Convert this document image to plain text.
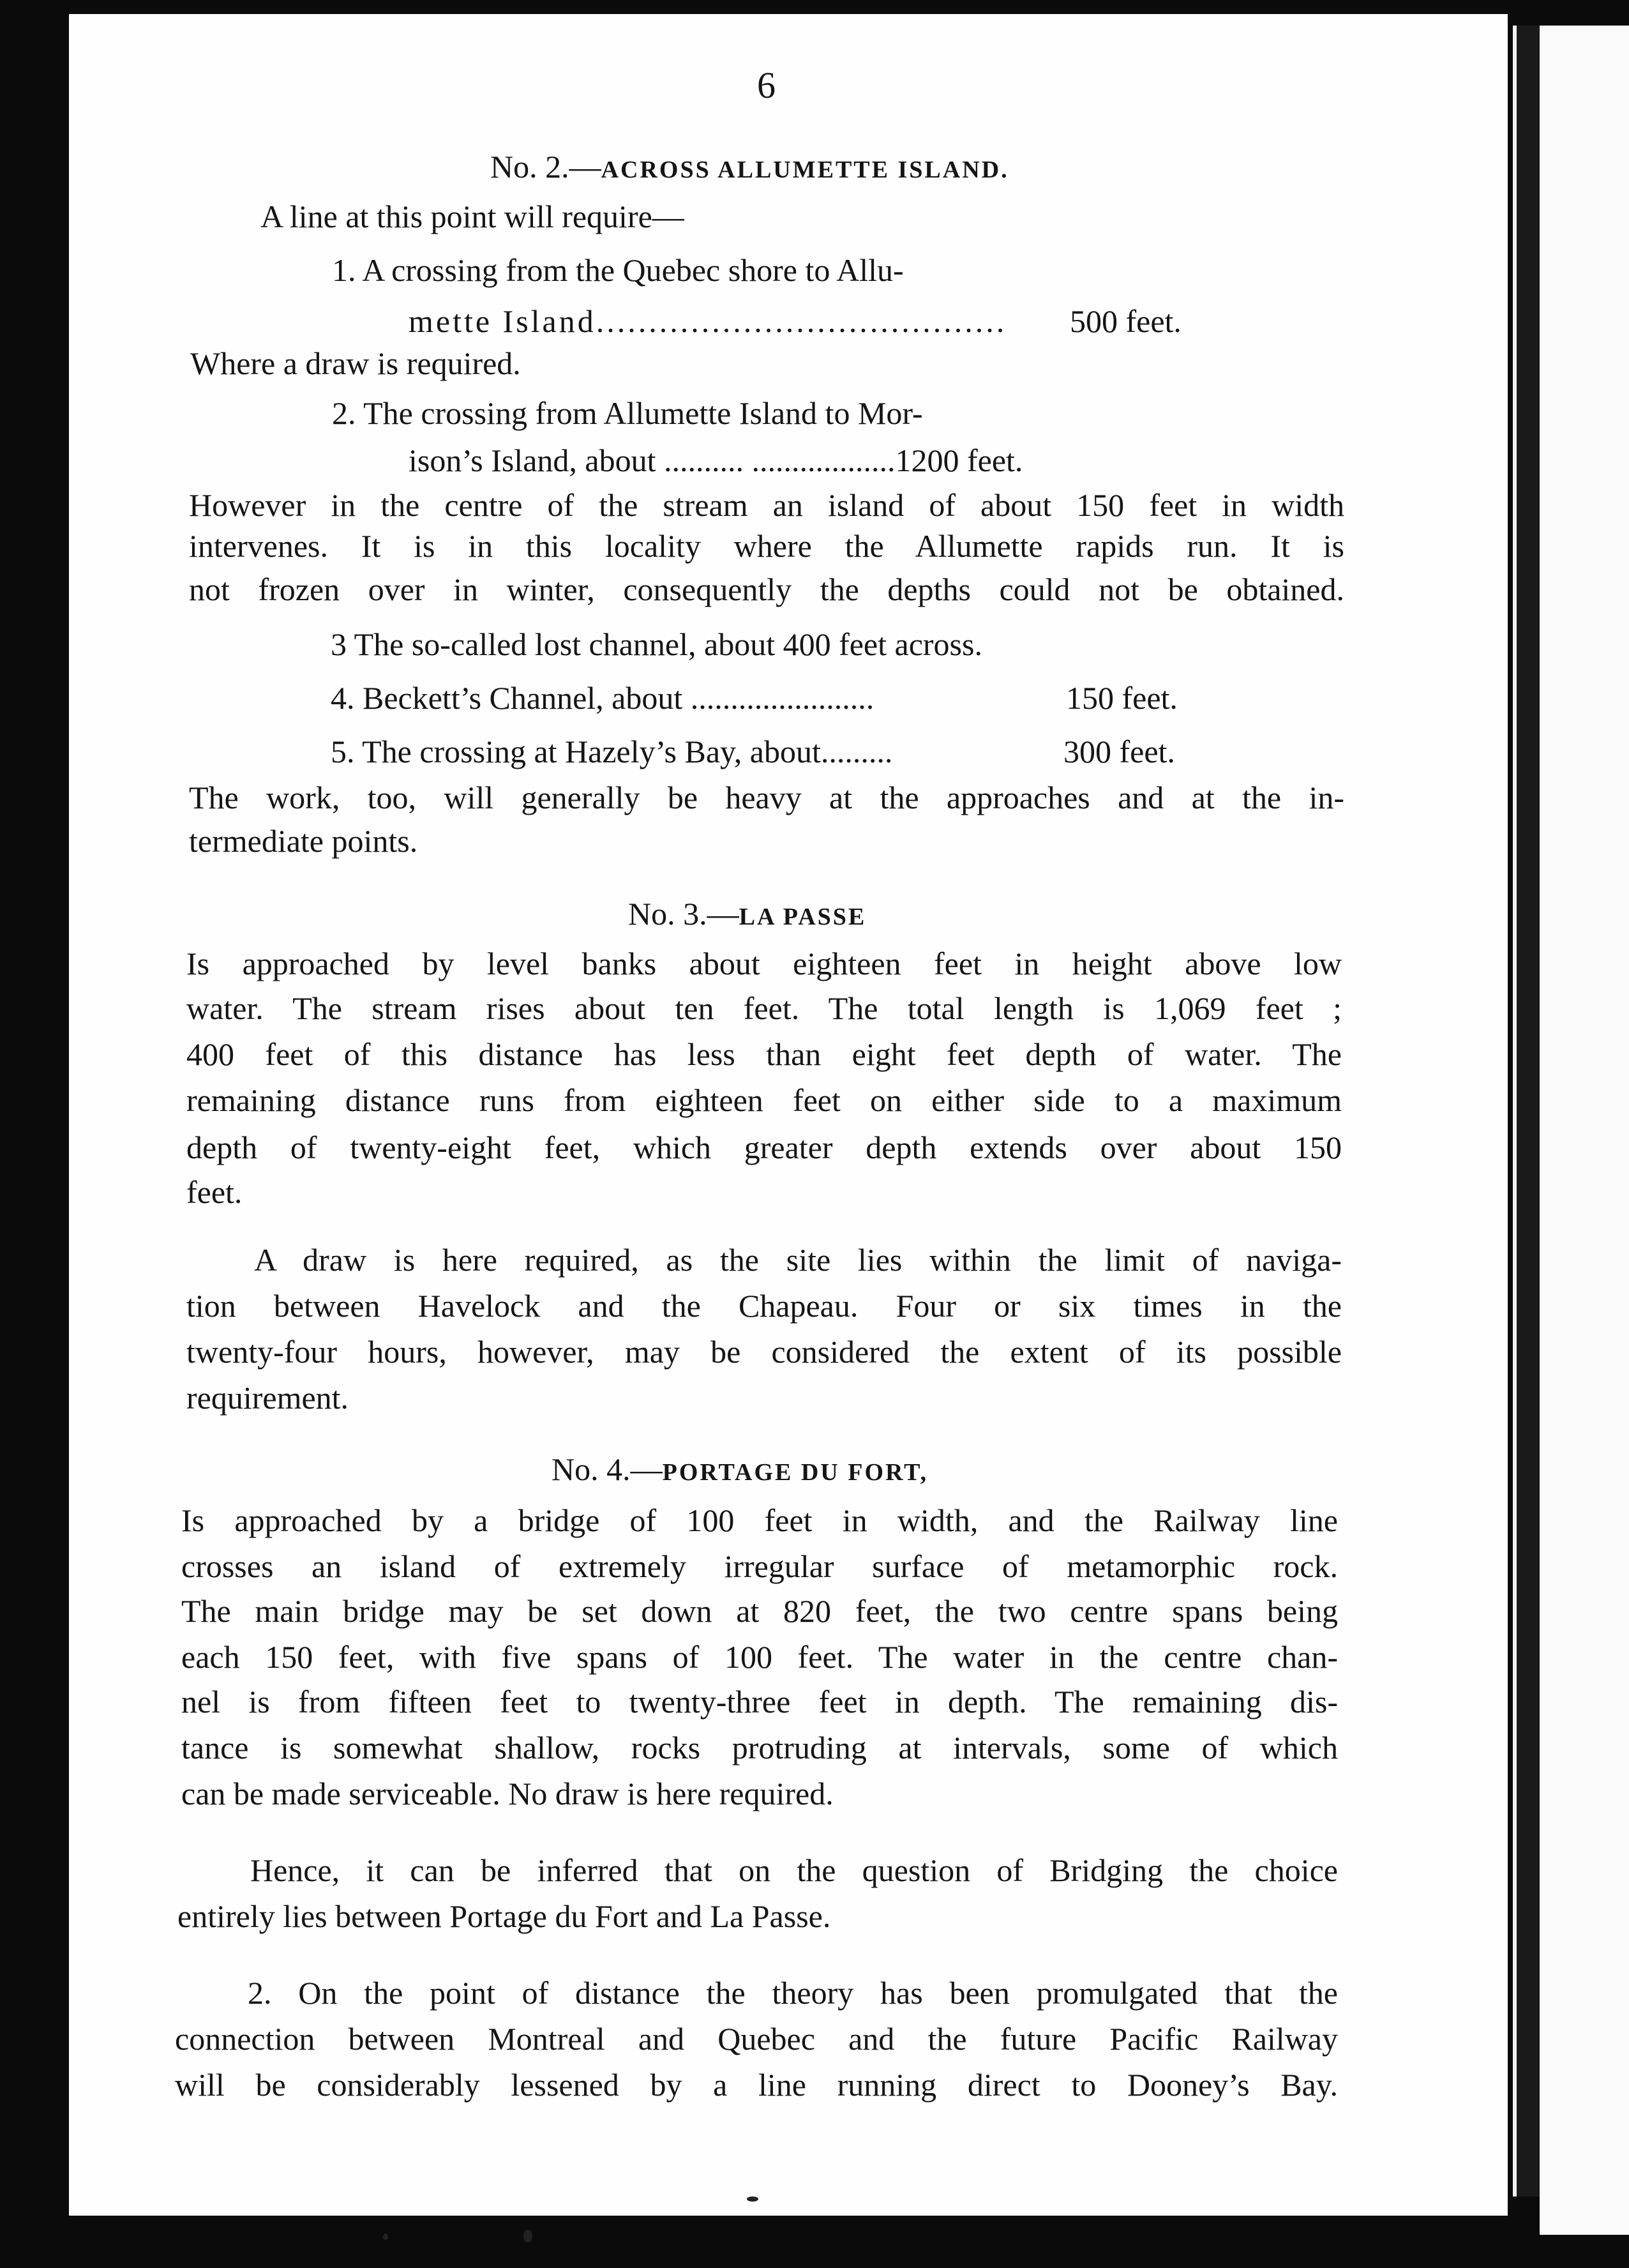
6
No. 2.—ACROSS ALLUMETTE ISLAND.
A line at this point will require—
1. A crossing from the Quebec shore to Allu-
mette Island....................................... 500 feet.
Where a draw is required.
2. The crossing from Allumette Island to Mor-
ison’s Island, about .......... ..................1200 feet.
However in the centre of the stream an island of about 150 feet in width
intervenes. It is in this locality where the Allumette rapids run. It is
not frozen over in winter, consequently the depths could not be obtained.
3 The so-called lost channel, about 400 feet across.
4. Beckett’s Channel, about .......................	150 feet.
5. The crossing at Hazely’s Bay, about.........	300 feet.
The work, too, will generally be heavy at the approaches and at the in-
termediate points.
No. 3.—LA PASSE
Is approached by level banks about eighteen feet in height above low
water. The stream rises about ten feet. The total length is 1,069 feet ;
400 feet of this distance has less than eight feet depth of water. The
remaining distance runs from eighteen feet on either side to a maximum
depth of twenty-eight feet, which greater depth extends over about 150
feet.
A draw is here required, as the site lies within the limit of naviga-
tion between Havelock and the Chapeau. Four or six times in the
twenty-four hours, however, may be considered the extent of its possible
requirement.
No. 4.—PORTAGE DU FORT,
Is approached by a bridge of 100 feet in width, and the Railway line
crosses an island of extremely irregular surface of metamorphic rock.
The main bridge may be set down at 820 feet, the two centre spans being
each 150 feet, with five spans of 100 feet. The water in the centre chan-
nel is from fifteen feet to twenty-three feet in depth. The remaining dis-
tance is somewhat shallow, rocks protruding at intervals, some of which
can be made serviceable. No draw is here required.
Hence, it can be inferred that on the question of Bridging the choice
entirely lies between Portage du Fort and La Passe.
2. On the point of distance the theory has been promulgated that the
connection between Montreal and Quebec and the future Pacific Railway
will be considerably lessened by a line running direct to Dooney’s Bay.
